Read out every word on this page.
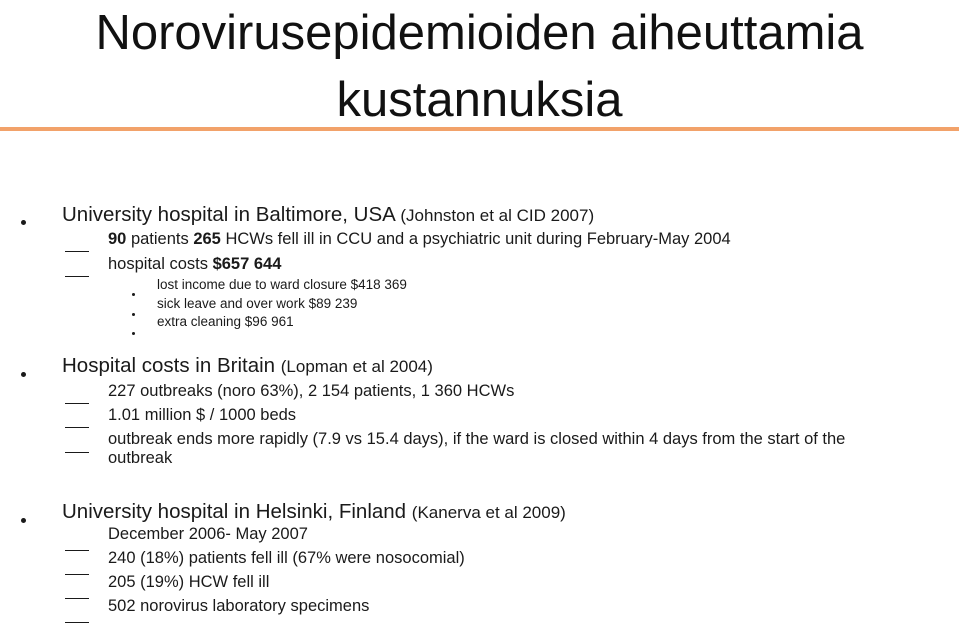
Norovirusepidemioiden aiheuttamia
kustannuksia
University hospital in Baltimore, USA (Johnston et al CID 2007)
90 patients 265 HCWs fell ill in CCU and a psychiatric unit during February-May 2004
hospital costs $657 644
lost income due to ward closure $418 369
sick leave and over work $89 239
extra cleaning $96 961
Hospital costs in Britain (Lopman et al 2004)
227 outbreaks (noro 63%), 2 154 patients, 1 360 HCWs
1.01 million $ / 1000 beds
outbreak ends more rapidly (7.9 vs 15.4 days), if the ward is closed within 4 days from the start of the outbreak
University hospital in Helsinki, Finland (Kanerva et al 2009)
December 2006- May 2007
240 (18%) patients fell ill (67% were nosocomial)
205 (19%) HCW fell ill
502 norovirus laboratory specimens
